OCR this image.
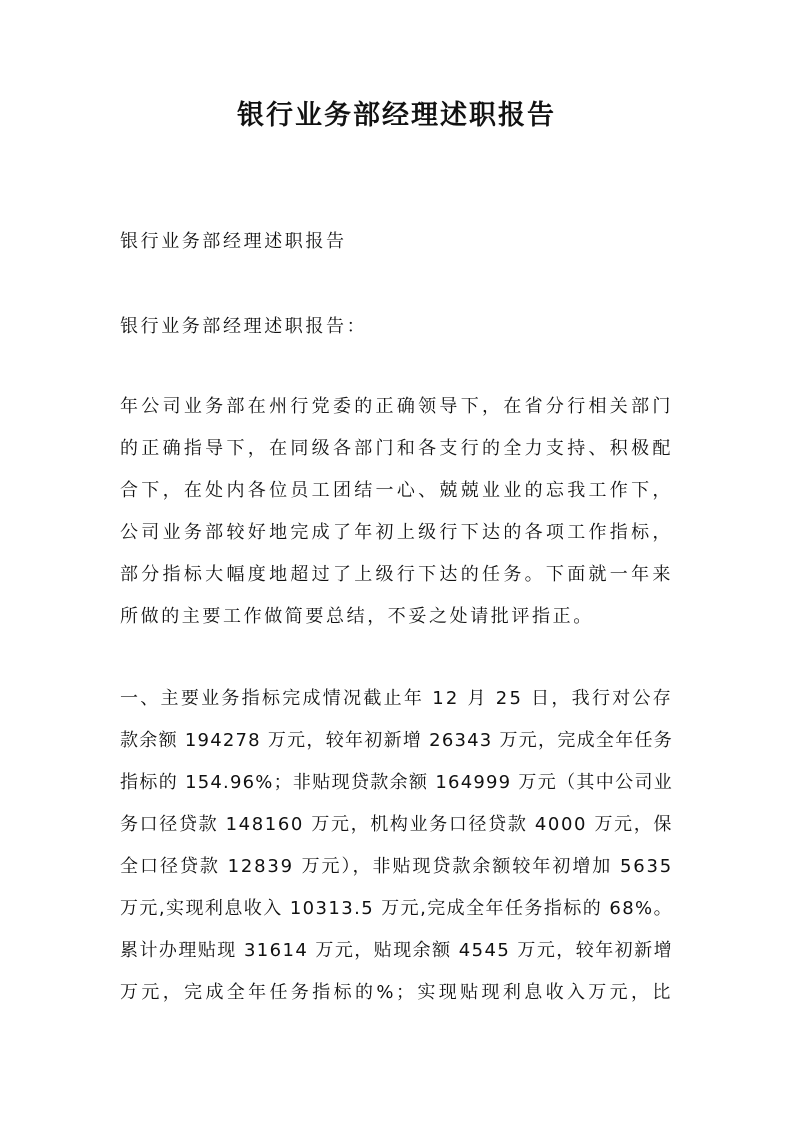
银行业务部经理述职报告
银行业务部经理述职报告
银行业务部经理述职报告：
年公司业务部在州行党委的正确领导下，在省分行相关部门
的正确指导下，在同级各部门和各支行的全力支持、积极配
合下，在处内各位员工团结一心、兢兢业业的忘我工作下，
公司业务部较好地完成了年初上级行下达的各项工作指标，
部分指标大幅度地超过了上级行下达的任务。下面就一年来
所做的主要工作做简要总结，不妥之处请批评指正。
一、主要业务指标完成情况截止年 12 月 25 日，我行对公存
款余额 194278 万元，较年初新增 26343 万元，完成全年任务
指标的 154.96%；非贴现贷款余额 164999 万元（其中公司业
务口径贷款 148160 万元，机构业务口径贷款 4000 万元，保
全口径贷款 12839 万元），非贴现贷款余额较年初增加 5635
万元,实现利息收入 10313.5 万元,完成全年任务指标的 68%。
累计办理贴现 31614 万元，贴现余额 4545 万元，较年初新增
万元，完成全年任务指标的%；实现贴现利息收入万元，比
